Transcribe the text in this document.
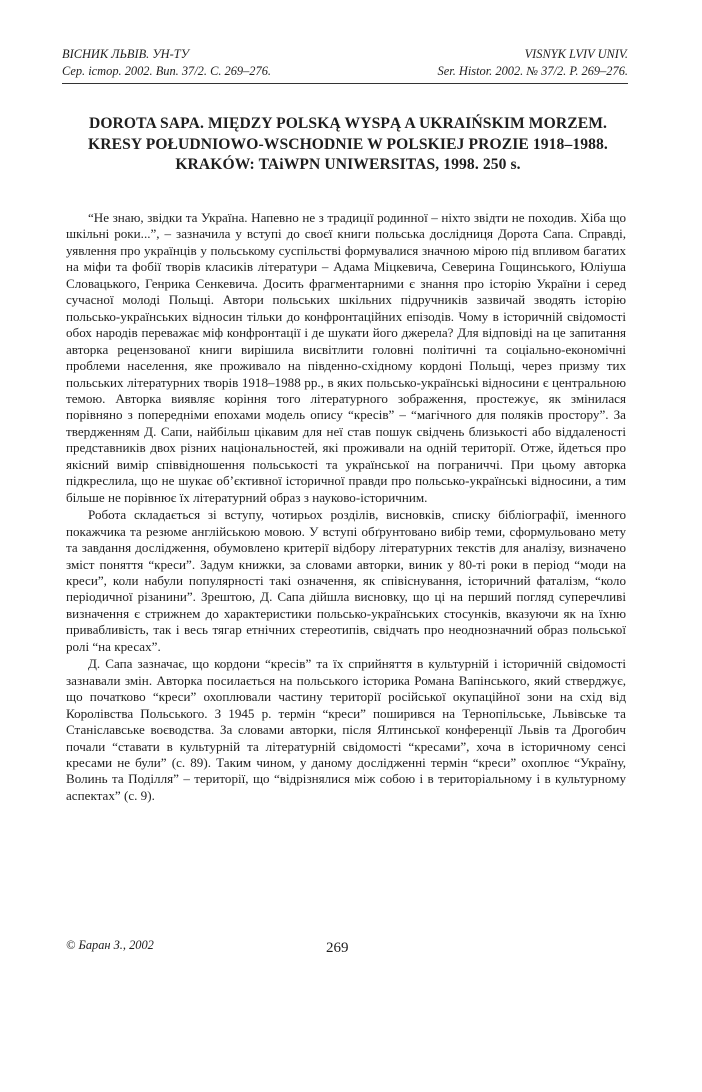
ВІСНИК ЛЬВІВ. УН-ТУ
Сер. істор. 2002. Вип. 37/2. С. 269–276.
VISNYK LVIV UNIV.
Ser. Histor. 2002. № 37/2. P. 269–276.
DOROTA SAPA. MIĘDZY POLSKĄ WYSPĄ A UKRAIŃSKIM MORZEM.
KRESY POŁUDNIOWO-WSCHODNIE W POLSKIEJ PROZIE 1918–1988.
KRAKÓW: TAiWPN UNIWERSITAS, 1998. 250 s.

“Не знаю, звідки та Україна. Напевно не з традиції родинної – ніхто звідти не походив. Хіба що шкільні роки...”, – зазначила у вступі до своєї книги польська дослідниця Дорота Сапа. Справді, уявлення про українців у польському суспільстві формувалися значною мірою під впливом багатих на міфи та фобії творів класиків літератури – Адама Міцкевича, Северина Гощинського, Юліуша Словацького, Генрика Сенкевича. Досить фрагментарними є знання про історію України і серед сучасної молоді Польщі. Автори польських шкільних підручників зазвичай зводять історію польсько-українських відносин тільки до конфронтаційних епізодів. Чому в історичній свідомості обох народів переважає міф конфронтації і де шукати його джерела? Для відповіді на це запитання авторка рецензованої книги вирішила висвітлити головні політичні та соціально-економічні проблеми населення, яке проживало на південно-східному кордоні Польщі, через призму тих польських літературних творів 1918–1988 рр., в яких польсько-українські відносини є центральною темою. Авторка виявляє коріння того літературного зображення, простежує, як змінилася порівняно з попередніми епохами модель опису “кресів” – “магічного для поляків простору”. За твердженням Д. Сапи, найбільш цікавим для неї став пошук свідчень близькості або віддаленості представників двох різних національностей, які проживали на одній території. Отже, йдеться про якісний вимір співвідношення польськості та української на пограниччі. При цьому авторка підкреслила, що не шукає об’єктивної історичної правди про польсько-українські відносини, а тим більше не порівнює їх літературний образ з науково-історичним.

Робота складається зі вступу, чотирьох розділів, висновків, списку бібліографії, іменного покажчика та резюме англійською мовою. У вступі обґрунтовано вибір теми, сформульовано мету та завдання дослідження, обумовлено критерії відбору літературних текстів для аналізу, визначено зміст поняття “креси”. Задум книжки, за словами авторки, виник у 80-ті роки в період “моди на креси”, коли набули популярності такі означення, як співіснування, історичний фаталізм, “коло періодичної різанини”. Зрештою, Д. Сапа дійшла висновку, що ці на перший погляд суперечливі визначення є стрижнем до характеристики польсько-українських стосунків, вказуючи як на їхню привабливість, так і весь тягар етнічних стереотипів, свідчать про неоднозначний образ польської ролі “на кресах”.

Д. Сапа зазначає, що кордони “кресів” та їх сприйняття в культурній і історичній свідомості зазнавали змін. Авторка посилається на польського історика Романа Вапінського, який стверджує, що початково “креси” охоплювали частину території російської окупаційної зони на схід від Королівства Польського. З 1945 р. термін “креси” поширився на Тернопільське, Львівське та Станіславське воєводства. За словами авторки, після Ялтинської конференції Львів та Дрогобич почали “ставати в культурній та літературній свідомості “кресами”, хоча в історичному сенсі кресами не були” (с. 89). Таким чином, у даному дослідженні термін “креси” охоплює “Україну, Волинь та Поділля” – території, що “відрізнялися між собою і в територіальному і в культурному аспектах” (с. 9).

© Баран З., 2002	269
